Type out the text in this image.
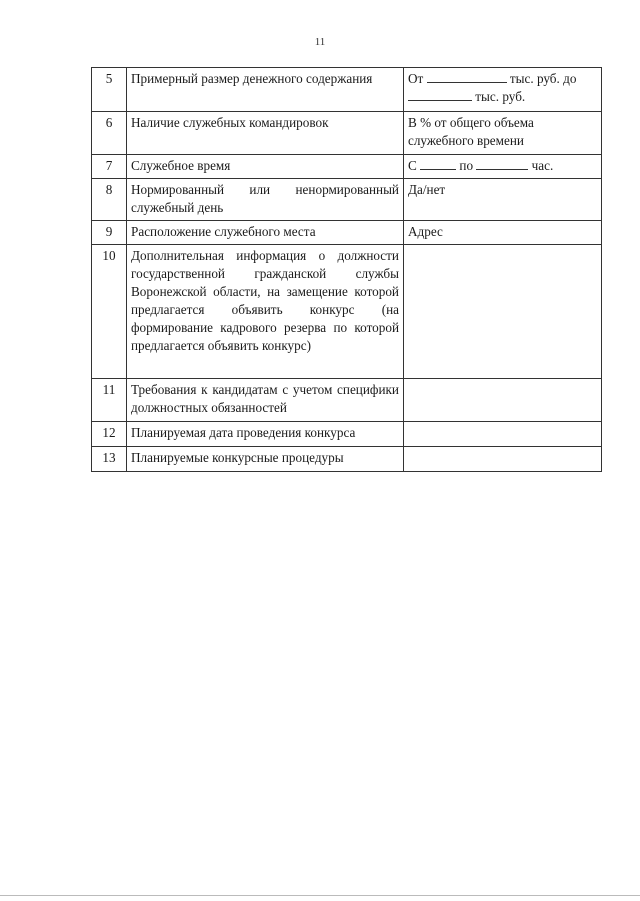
11
5	Примерный размер денежного содержания	От тыс. руб. до
тыс. руб.
6	Наличие служебных командировок	В % от общего объема служебного времени
7	Служебное время	С по час.
8	Нормированный или ненормированный служебный день	Да/нет
9	Расположение служебного места	Адрес
10	Дополнительная информация о должности государственной гражданской службы Воронежской области, на замещение которой предлагается объявить конкурс (на формирование кадрового резерва по которой предлагается объявить конкурс)	
11	Требования к кандидатам с учетом специфики должностных обязанностей	
12	Планируемая дата проведения конкурса	
13	Планируемые конкурсные процедуры	
